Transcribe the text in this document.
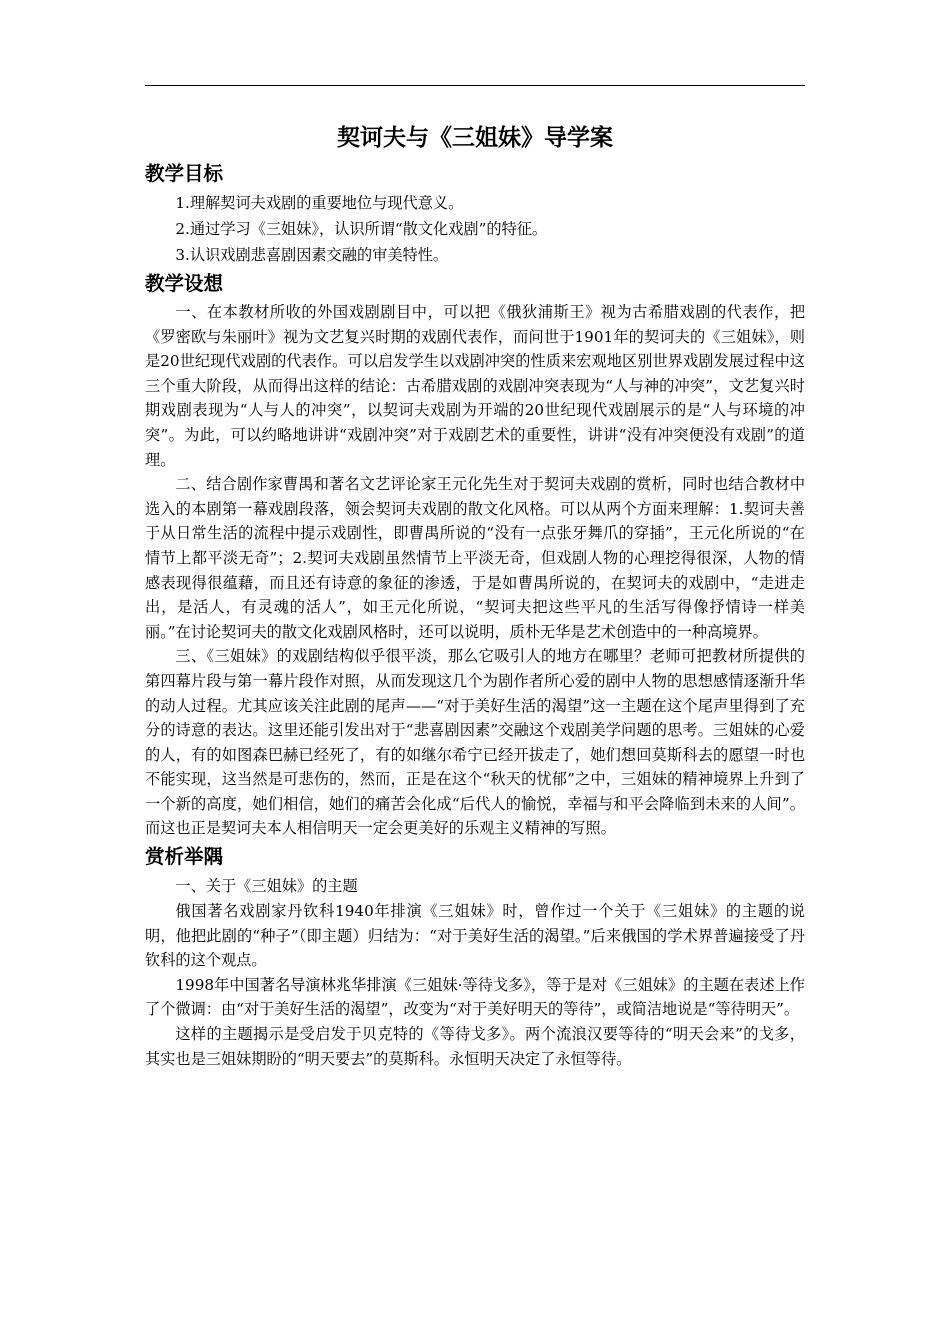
契诃夫与《三姐妹》导学案
教学目标

1.理解契诃夫戏剧的重要地位与现代意义。

2.通过学习《三姐妹》，认识所谓“散文化戏剧”的特征。

3.认识戏剧悲喜剧因素交融的审美特性。

教学设想

一、在本教材所收的外国戏剧剧目中，可以把《俄狄浦斯王》视为古希腊戏剧的代表作，把《罗密欧与朱丽叶》视为文艺复兴时期的戏剧代表作，而问世于1901年的契诃夫的《三姐妹》，则是20世纪现代戏剧的代表作。可以启发学生以戏剧冲突的性质来宏观地区别世界戏剧发展过程中这三个重大阶段，从而得出这样的结论：古希腊戏剧的戏剧冲突表现为“人与神的冲突”，文艺复兴时期戏剧表现为“人与人的冲突”，以契诃夫戏剧为开端的20世纪现代戏剧展示的是“人与环境的冲突”。为此，可以约略地讲讲“戏剧冲突”对于戏剧艺术的重要性，讲讲“没有冲突便没有戏剧”的道理。

二、结合剧作家曹禺和著名文艺评论家王元化先生对于契诃夫戏剧的赏析，同时也结合教材中选入的本剧第一幕戏剧段落，领会契诃夫戏剧的散文化风格。可以从两个方面来理解：1.契诃夫善于从日常生活的流程中提示戏剧性，即曹禺所说的“没有一点张牙舞爪的穿插”，王元化所说的“在情节上都平淡无奇”；2.契诃夫戏剧虽然情节上平淡无奇，但戏剧人物的心理挖得很深，人物的情感表现得很蕴藉，而且还有诗意的象征的渗透，于是如曹禺所说的，在契诃夫的戏剧中，“走进走出，是活人，有灵魂的活人”，如王元化所说，“契诃夫把这些平凡的生活写得像抒情诗一样美丽。”在讨论契诃夫的散文化戏剧风格时，还可以说明，质朴无华是艺术创造中的一种高境界。

三、《三姐妹》的戏剧结构似乎很平淡，那么它吸引人的地方在哪里？老师可把教材所提供的第四幕片段与第一幕片段作对照，从而发现这几个为剧作者所心爱的剧中人物的思想感情逐渐升华的动人过程。尤其应该关注此剧的尾声——“对于美好生活的渴望”这一主题在这个尾声里得到了充分的诗意的表达。这里还能引发出对于“悲喜剧因素”交融这个戏剧美学问题的思考。三姐妹的心爱的人，有的如图森巴赫已经死了，有的如继尔希宁已经开拔走了，她们想回莫斯科去的愿望一时也不能实现，这当然是可悲伤的，然而，正是在这个“秋天的忧郁”之中，三姐妹的精神境界上升到了一个新的高度，她们相信，她们的痛苦会化成“后代人的愉悦，幸福与和平会降临到未来的人间”。而这也正是契诃夫本人相信明天一定会更美好的乐观主义精神的写照。

赏析举隅

一、关于《三姐妹》的主题

俄国著名戏剧家丹钦科1940年排演《三姐妹》时，曾作过一个关于《三姐妹》的主题的说明，他把此剧的“种子”（即主题）归结为：“对于美好生活的渴望。”后来俄国的学术界普遍接受了丹钦科的这个观点。

1998年中国著名导演林兆华排演《三姐妹·等待戈多》，等于是对《三姐妹》的主题在表述上作了个微调：由“对于美好生活的渴望”，改变为“对于美好明天的等待”，或简洁地说是“等待明天”。

这样的主题揭示是受启发于贝克特的《等待戈多》。两个流浪汉要等待的“明天会来”的戈多，其实也是三姐妹期盼的“明天要去”的莫斯科。永恒明天决定了永恒等待。
